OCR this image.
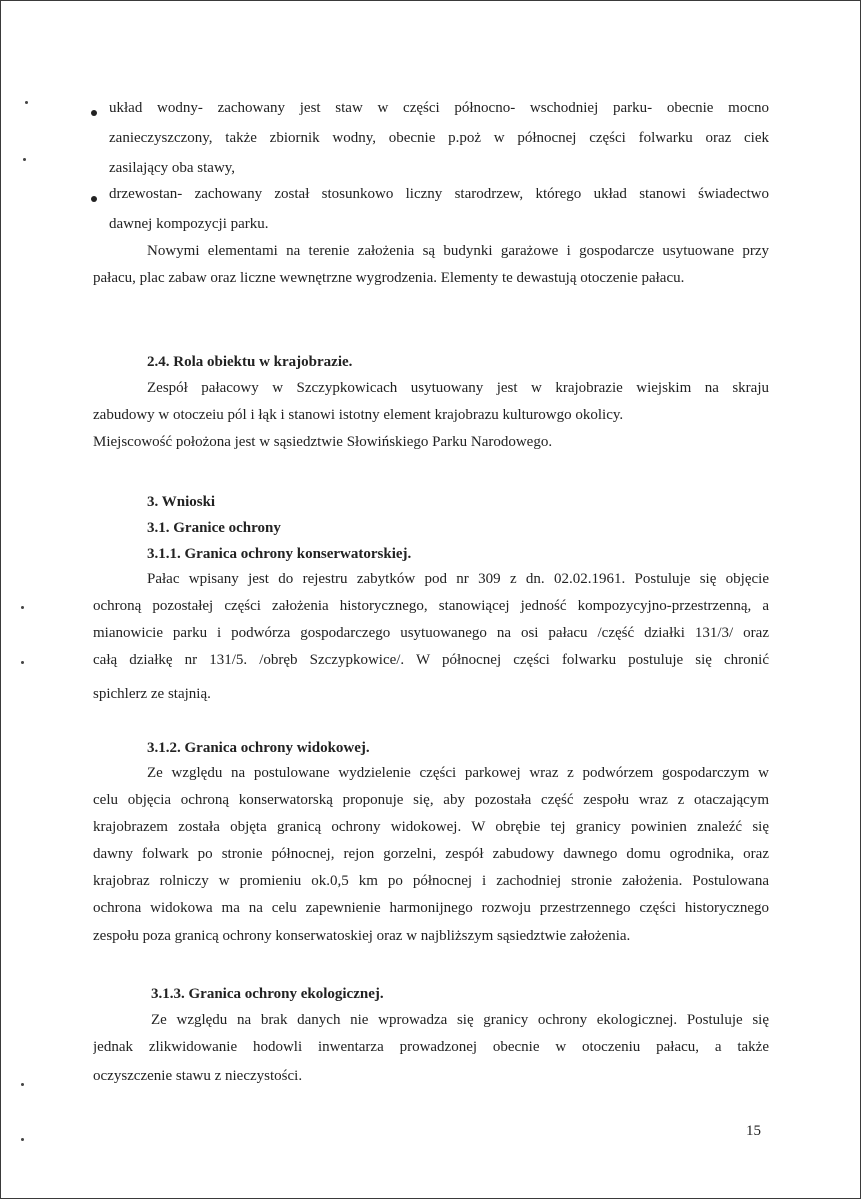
układ wodny- zachowany jest staw w części północno- wschodniej parku- obecnie mocno
zanieczyszczony, także zbiornik wodny, obecnie p.poż w północnej części folwarku oraz ciek
zasilający oba stawy,
drzewostan- zachowany został stosunkowo liczny starodrzew, którego układ stanowi świadectwo
dawnej kompozycji parku.
Nowymi elementami na terenie założenia są budynki garażowe i gospodarcze usytuowane przy
pałacu, plac zabaw oraz liczne wewnętrzne wygrodzenia. Elementy te dewastują otoczenie pałacu.
2.4. Rola obiektu w krajobrazie.
Zespół pałacowy w Szczypkowicach usytuowany jest w krajobrazie wiejskim na skraju
zabudowy w otoczeiu pól i łąk i stanowi istotny element krajobrazu kulturowgo okolicy.
Miejscowość położona jest w sąsiedztwie Słowińskiego Parku Narodowego.
3. Wnioski
3.1. Granice ochrony
3.1.1. Granica ochrony konserwatorskiej.
Pałac wpisany jest do rejestru zabytków pod nr 309 z dn. 02.02.1961. Postuluje się objęcie
ochroną pozostałej części założenia historycznego, stanowiącej jedność kompozycyjno-przestrzenną, a
mianowicie parku i podwórza gospodarczego usytuowanego na osi pałacu /część działki 131/3/ oraz
całą działkę nr 131/5. /obręb Szczypkowice/. W północnej części folwarku postuluje się chronić
spichlerz ze stajnią.
3.1.2. Granica ochrony widokowej.
Ze względu na postulowane wydzielenie części parkowej wraz z podwórzem gospodarczym w
celu objęcia ochroną konserwatorską proponuje się, aby pozostała część zespołu wraz z otaczającym
krajobrazem została objęta granicą ochrony widokowej. W obrębie tej granicy powinien znaleźć się
dawny folwark po stronie północnej, rejon gorzelni, zespół zabudowy dawnego domu ogrodnika, oraz
krajobraz rolniczy w promieniu ok.0,5 km po północnej i zachodniej stronie założenia. Postulowana
ochrona widokowa ma na celu zapewnienie harmonijnego rozwoju przestrzennego części historycznego
zespołu poza granicą ochrony konserwatoskiej oraz w najbliższym sąsiedztwie założenia.
3.1.3. Granica ochrony ekologicznej.
Ze względu na brak danych nie wprowadza się granicy ochrony ekologicznej. Postuluje się
jednak zlikwidowanie hodowli inwentarza prowadzonej obecnie w otoczeniu pałacu, a także
oczyszczenie stawu z nieczystości.
15
